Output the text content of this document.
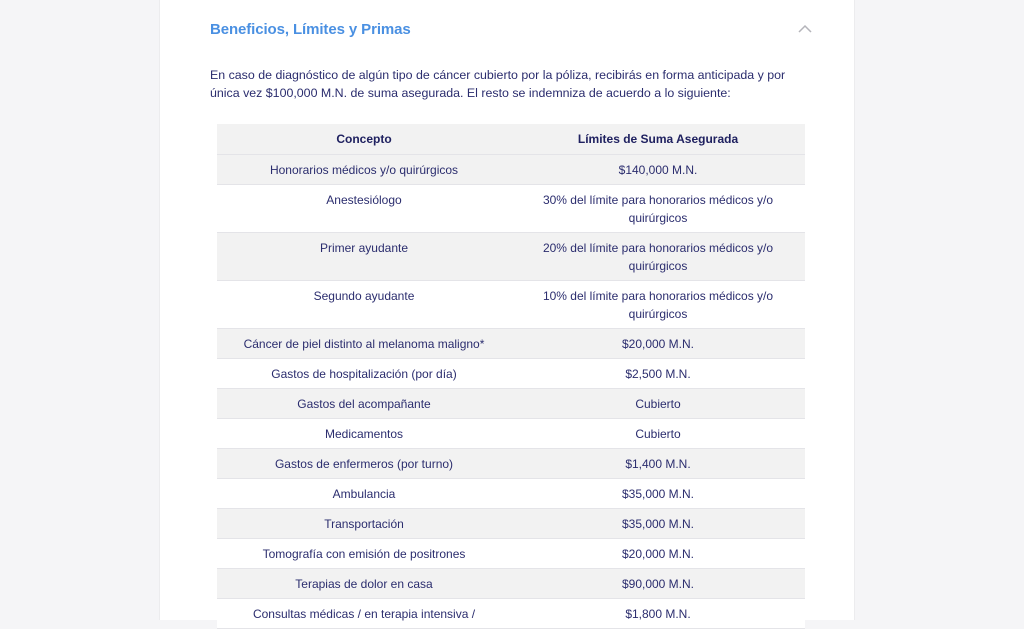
Beneficios, Límites y Primas

En caso de diagnóstico de algún tipo de cáncer cubierto por la póliza, recibirás en forma anticipada y por única vez $100,000 M.N. de suma asegurada. El resto se indemniza de acuerdo a lo siguiente:

Concepto	Límites de Suma Asegurada
Honorarios médicos y/o quirúrgicos	$140,000 M.N.
Anestesiólogo	30% del límite para honorarios médicos y/o quirúrgicos
Primer ayudante	20% del límite para honorarios médicos y/o quirúrgicos
Segundo ayudante	10% del límite para honorarios médicos y/o quirúrgicos
Cáncer de piel distinto al melanoma maligno*	$20,000 M.N.
Gastos de hospitalización (por día)	$2,500 M.N.
Gastos del acompañante	Cubierto
Medicamentos	Cubierto
Gastos de enfermeros (por turno)	$1,400 M.N.
Ambulancia	$35,000 M.N.
Transportación	$35,000 M.N.
Tomografía con emisión de positrones	$20,000 M.N.
Terapias de dolor en casa	$90,000 M.N.
Consultas médicas / en terapia intensiva /	$1,800 M.N.
